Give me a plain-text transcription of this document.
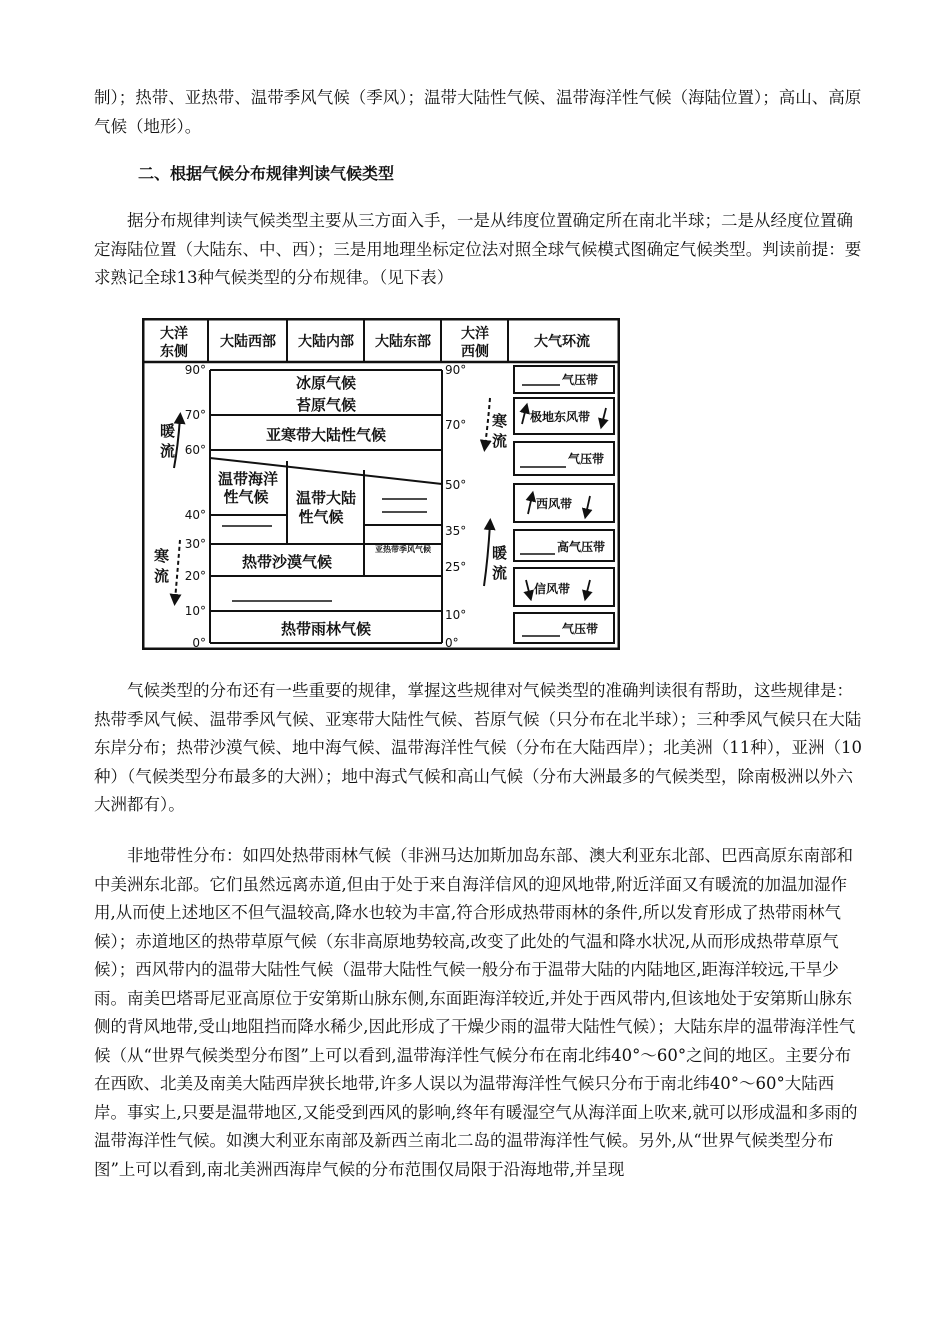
制）；热带、亚热带、温带季风气候（季风）；温带大陆性气候、温带海洋性气候（海陆位置）；高山、高原气候（地形）。

二、根据气候分布规律判读气候类型

据分布规律判读气候类型主要从三方面入手，一是从纬度位置确定所在南北半球；二是从经度位置确定海陆位置（大陆东、中、西）；三是用地理坐标定位法对照全球气候模式图确定气候类型。判读前提：要求熟记全球13种气候类型的分布规律。（见下表）

大洋
东侧
大陆西部 大陆内部 大陆东部 大洋
西侧
大气环流
冰原气候
苔原气候
亚寒带大陆性气候
温带海洋
性气候 温带大陆
性气候
亚热带季风气候
热带沙漠气候
热带雨林气候
90°
70°
60°
40°
30°
20°
10°
0°
90°
70°
50°
35°
25°
10°
0°
暖
流
寒
流
寒
流
暖
流
气压带
极地东风带
气压带
西风带
高气压带
信风带
气压带

气候类型的分布还有一些重要的规律，掌握这些规律对气候类型的准确判读很有帮助，这些规律是：热带季风气候、温带季风气候、亚寒带大陆性气候、苔原气候（只分布在北半球）；三种季风气候只在大陆东岸分布；热带沙漠气候、地中海气候、温带海洋性气候（分布在大陆西岸）；北美洲（11种），亚洲（10种）（气候类型分布最多的大洲）；地中海式气候和高山气候（分布大洲最多的气候类型，除南极洲以外六大洲都有）。

非地带性分布：如四处热带雨林气候（非洲马达加斯加岛东部、澳大利亚东北部、巴西高原东南部和中美洲东北部。它们虽然远离赤道,但由于处于来自海洋信风的迎风地带,附近洋面又有暖流的加温加湿作用,从而使上述地区不但气温较高,降水也较为丰富,符合形成热带雨林的条件,所以发育形成了热带雨林气候）；赤道地区的热带草原气候（东非高原地势较高,改变了此处的气温和降水状况,从而形成热带草原气候）；西风带内的温带大陆性气候（温带大陆性气候一般分布于温带大陆的内陆地区,距海洋较远,干旱少雨。南美巴塔哥尼亚高原位于安第斯山脉东侧,东面距海洋较近,并处于西风带内,但该地处于安第斯山脉东侧的背风地带,受山地阻挡而降水稀少,因此形成了干燥少雨的温带大陆性气候）；大陆东岸的温带海洋性气候（从“世界气候类型分布图”上可以看到,温带海洋性气候分布在南北纬40°～60°之间的地区。主要分布在西欧、北美及南美大陆西岸狭长地带,许多人误以为温带海洋性气候只分布于南北纬40°～60°大陆西岸。事实上,只要是温带地区,又能受到西风的影响,终年有暖湿空气从海洋面上吹来,就可以形成温和多雨的温带海洋性气候。如澳大利亚东南部及新西兰南北二岛的温带海洋性气候。另外,从“世界气候类型分布图”上可以看到,南北美洲西海岸气候的分布范围仅局限于沿海地带,并呈现
